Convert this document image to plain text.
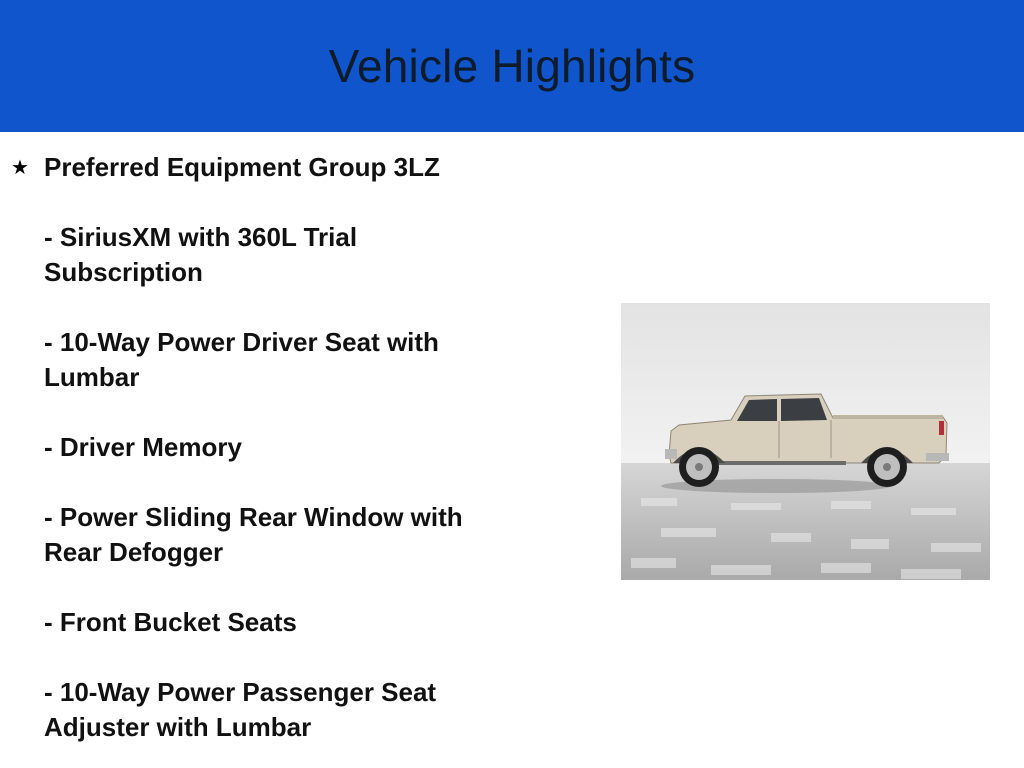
Vehicle Highlights
★ Preferred Equipment Group 3LZ
- SiriusXM with 360L Trial
Subscription
- 10-Way Power Driver Seat with
Lumbar
- Driver Memory
- Power Sliding Rear Window with
Rear Defogger
- Front Bucket Seats
- 10-Way Power Passenger Seat
Adjuster with Lumbar
